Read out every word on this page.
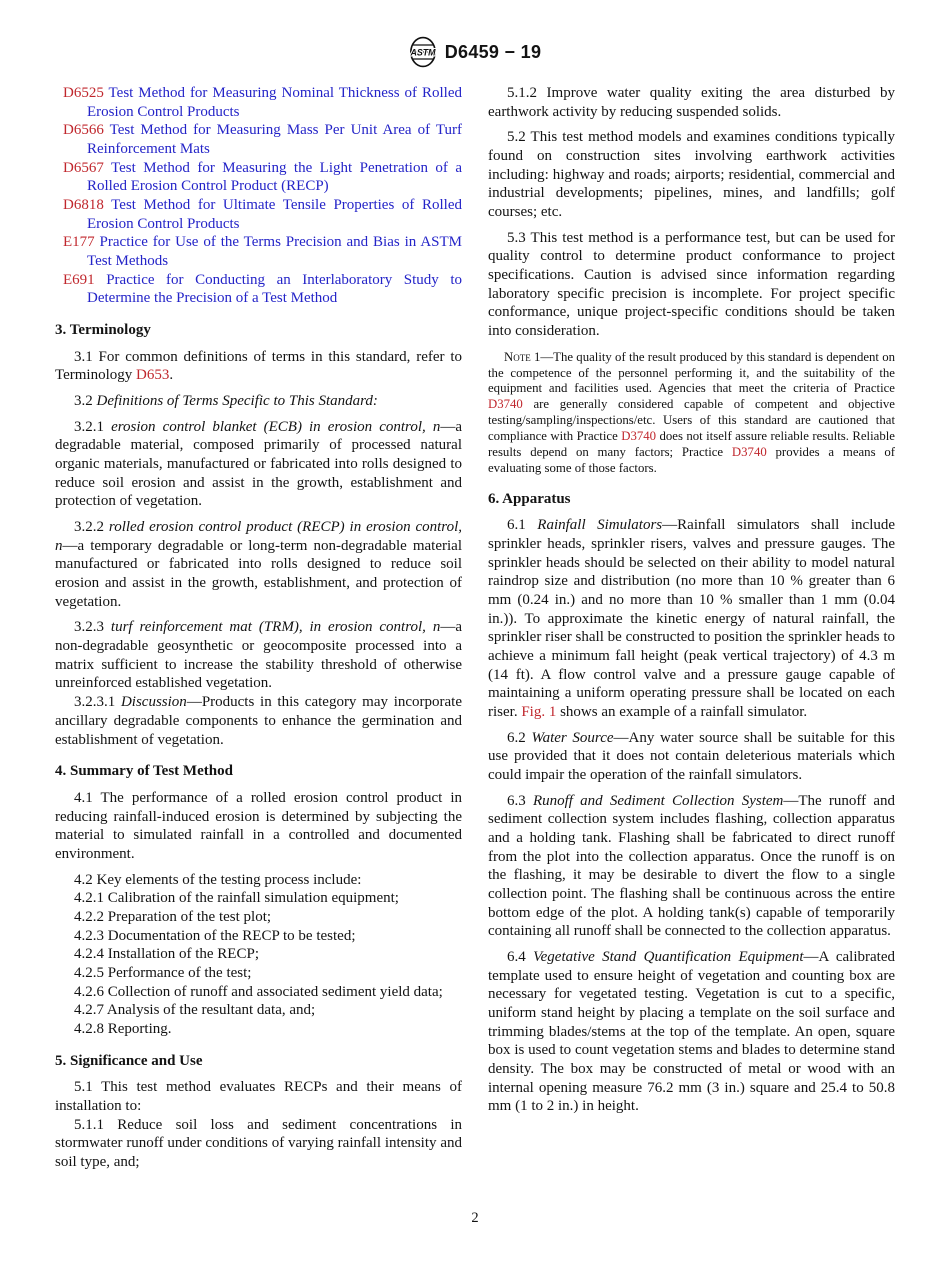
ASTM D6459 − 19
D6525 Test Method for Measuring Nominal Thickness of Rolled Erosion Control Products
D6566 Test Method for Measuring Mass Per Unit Area of Turf Reinforcement Mats
D6567 Test Method for Measuring the Light Penetration of a Rolled Erosion Control Product (RECP)
D6818 Test Method for Ultimate Tensile Properties of Rolled Erosion Control Products
E177 Practice for Use of the Terms Precision and Bias in ASTM Test Methods
E691 Practice for Conducting an Interlaboratory Study to Determine the Precision of a Test Method
3. Terminology

3.1 For common definitions of terms in this standard, refer to Terminology D653.

3.2 Definitions of Terms Specific to This Standard:

3.2.1 erosion control blanket (ECB) in erosion control, n—a degradable material, composed primarily of processed natural organic materials, manufactured or fabricated into rolls designed to reduce soil erosion and assist in the growth, establishment and protection of vegetation.

3.2.2 rolled erosion control product (RECP) in erosion control, n—a temporary degradable or long-term non-degradable material manufactured or fabricated into rolls designed to reduce soil erosion and assist in the growth, establishment, and protection of vegetation.

3.2.3 turf reinforcement mat (TRM), in erosion control, n—a non-degradable geosynthetic or geocomposite processed into a matrix sufficient to increase the stability threshold of otherwise unreinforced established vegetation.

3.2.3.1 Discussion—Products in this category may incorporate ancillary degradable components to enhance the germination and establishment of vegetation.

4. Summary of Test Method

4.1 The performance of a rolled erosion control product in reducing rainfall-induced erosion is determined by subjecting the material to simulated rainfall in a controlled and documented environment.

4.2 Key elements of the testing process include:

4.2.1 Calibration of the rainfall simulation equipment;

4.2.2 Preparation of the test plot;

4.2.3 Documentation of the RECP to be tested;

4.2.4 Installation of the RECP;

4.2.5 Performance of the test;

4.2.6 Collection of runoff and associated sediment yield data;

4.2.7 Analysis of the resultant data, and;

4.2.8 Reporting.

5. Significance and Use

5.1 This test method evaluates RECPs and their means of installation to:

5.1.1 Reduce soil loss and sediment concentrations in stormwater runoff under conditions of varying rainfall intensity and soil type, and;

5.1.2 Improve water quality exiting the area disturbed by earthwork activity by reducing suspended solids.

5.2 This test method models and examines conditions typically found on construction sites involving earthwork activities including: highway and roads; airports; residential, commercial and industrial developments; pipelines, mines, and landfills; golf courses; etc.

5.3 This test method is a performance test, but can be used for quality control to determine product conformance to project specifications. Caution is advised since information regarding laboratory specific precision is incomplete. For project specific conformance, unique project-specific conditions should be taken into consideration.

Note 1—The quality of the result produced by this standard is dependent on the competence of the personnel performing it, and the suitability of the equipment and facilities used. Agencies that meet the criteria of Practice D3740 are generally considered capable of competent and objective testing/sampling/inspections/etc. Users of this standard are cautioned that compliance with Practice D3740 does not itself assure reliable results. Reliable results depend on many factors; Practice D3740 provides a means of evaluating some of those factors.

6. Apparatus

6.1 Rainfall Simulators—Rainfall simulators shall include sprinkler heads, sprinkler risers, valves and pressure gauges. The sprinkler heads should be selected on their ability to model natural raindrop size and distribution (no more than 10 % greater than 6 mm (0.24 in.) and no more than 10 % smaller than 1 mm (0.04 in.)). To approximate the kinetic energy of natural rainfall, the sprinkler riser shall be constructed to position the sprinkler heads to achieve a minimum fall height (peak vertical trajectory) of 4.3 m (14 ft). A flow control valve and a pressure gauge capable of maintaining a uniform operating pressure shall be located on each riser. Fig. 1 shows an example of a rainfall simulator.

6.2 Water Source—Any water source shall be suitable for this use provided that it does not contain deleterious materials which could impair the operation of the rainfall simulators.

6.3 Runoff and Sediment Collection System—The runoff and sediment collection system includes flashing, collection apparatus and a holding tank. Flashing shall be fabricated to direct runoff from the plot into the collection apparatus. Once the runoff is on the flashing, it may be desirable to divert the flow to a single collection point. The flashing shall be continuous across the entire bottom edge of the plot. A holding tank(s) capable of temporarily containing all runoff shall be connected to the collection apparatus.

6.4 Vegetative Stand Quantification Equipment—A calibrated template used to ensure height of vegetation and counting box are necessary for vegetated testing. Vegetation is cut to a specific, uniform stand height by placing a template on the soil surface and trimming blades/stems at the top of the template. An open, square box is used to count vegetation stems and blades to determine stand density. The box may be constructed of metal or wood with an internal opening measure 76.2 mm (3 in.) square and 25.4 to 50.8 mm (1 to 2 in.) in height.

2
